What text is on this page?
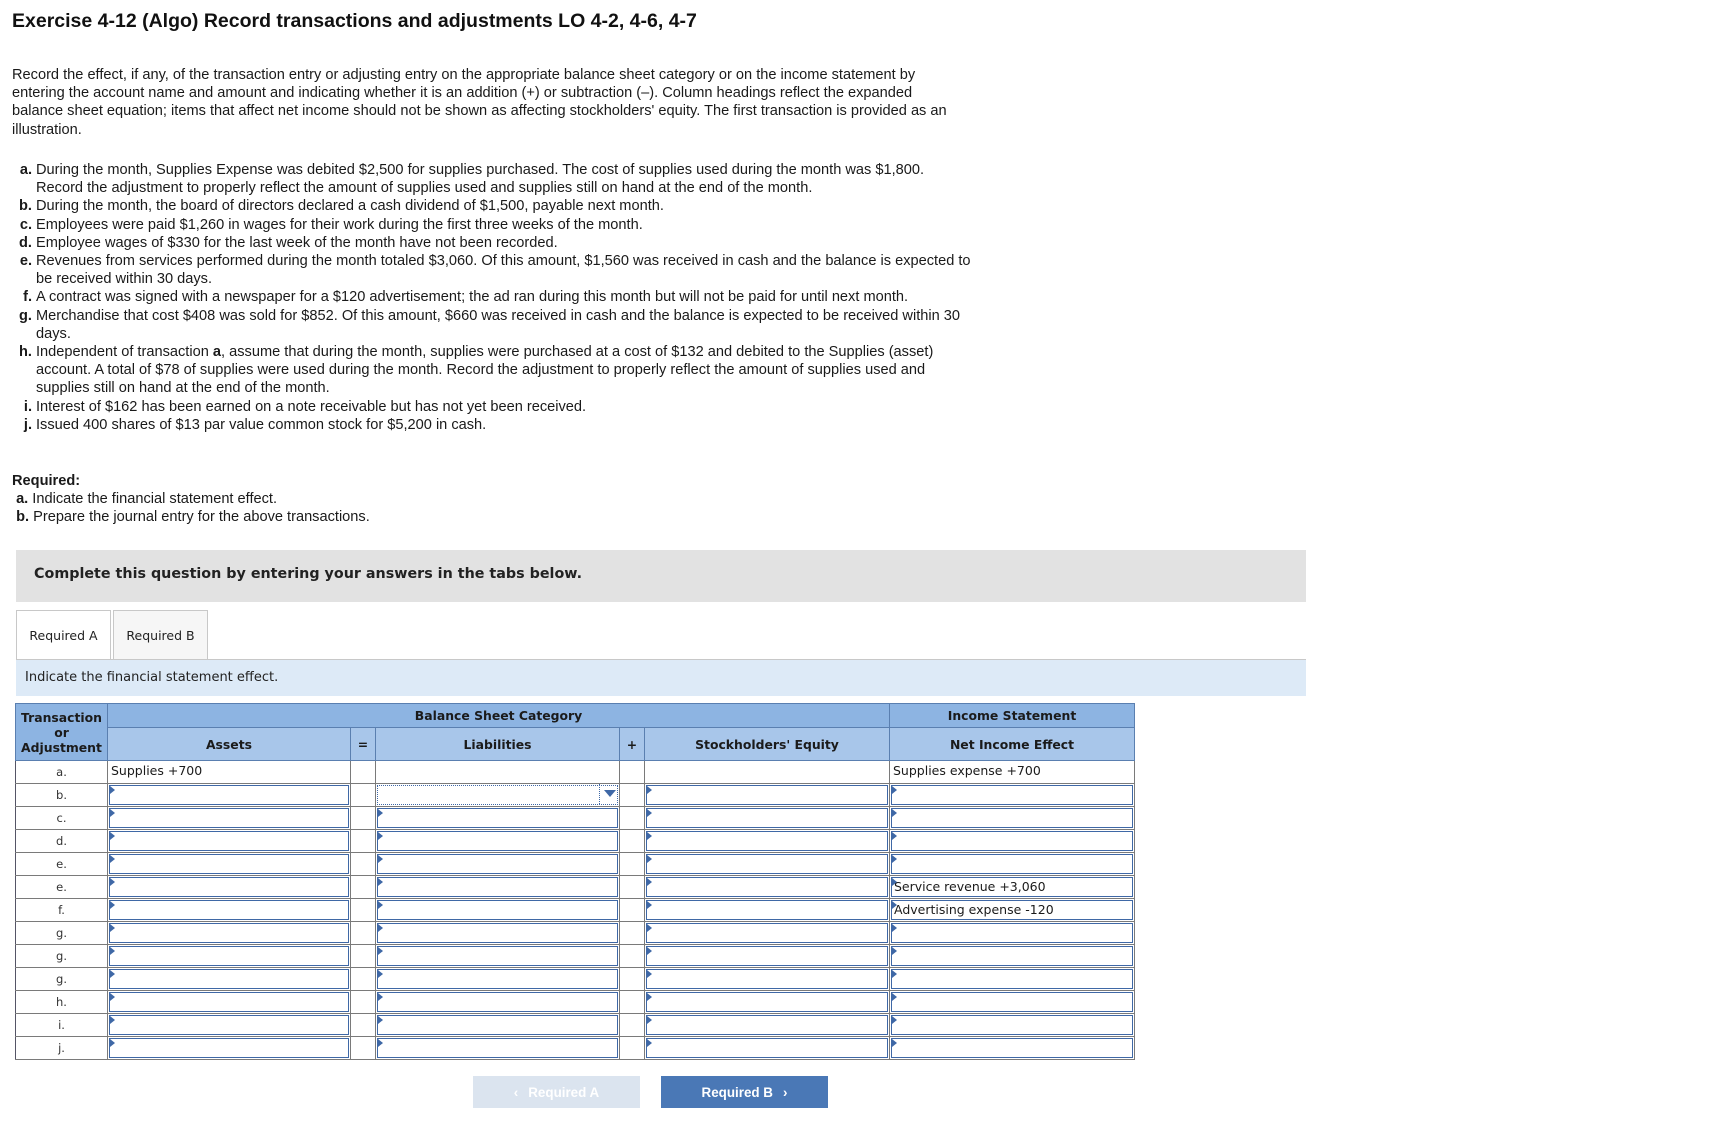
Exercise 4-12 (Algo) Record transactions and adjustments LO 4-2, 4-6, 4-7

Record the effect, if any, of the transaction entry or adjusting entry on the appropriate balance sheet category or on the income statement by entering the account name and amount and indicating whether it is an addition (+) or subtraction (–). Column headings reflect the expanded balance sheet equation; items that affect net income should not be shown as affecting stockholders' equity. The first transaction is provided as an illustration.

a. During the month, Supplies Expense was debited $2,500 for supplies purchased. The cost of supplies used during the month was $1,800. Record the adjustment to properly reflect the amount of supplies used and supplies still on hand at the end of the month.
b. During the month, the board of directors declared a cash dividend of $1,500, payable next month.
c. Employees were paid $1,260 in wages for their work during the first three weeks of the month.
d. Employee wages of $330 for the last week of the month have not been recorded.
e. Revenues from services performed during the month totaled $3,060. Of this amount, $1,560 was received in cash and the balance is expected to be received within 30 days.
f. A contract was signed with a newspaper for a $120 advertisement; the ad ran during this month but will not be paid for until next month.
g. Merchandise that cost $408 was sold for $852. Of this amount, $660 was received in cash and the balance is expected to be received within 30 days.
h. Independent of transaction a, assume that during the month, supplies were purchased at a cost of $132 and debited to the Supplies (asset) account. A total of $78 of supplies were used during the month. Record the adjustment to properly reflect the amount of supplies used and supplies still on hand at the end of the month.
i. Interest of $162 has been earned on a note receivable but has not yet been received.
j. Issued 400 shares of $13 par value common stock for $5,200 in cash.
Required:
a. Indicate the financial statement effect.
b. Prepare the journal entry for the above transactions.
Complete this question by entering your answers in the tabs below.
Required A	Required B
Indicate the financial statement effect.
Transaction or Adjustment	Balance Sheet Category					Income Statement
	Assets	=	Liabilities	+	Stockholders' Equity	Net Income Effect
a.	Supplies +700					Supplies expense +700

b.	

c.	

d.	

e.	

e.						Service revenue +3,060

f.						Advertising expense -120

g.	

g.	

g.	

h.	

i.	

j.	

‹ Required A	Required B ›
